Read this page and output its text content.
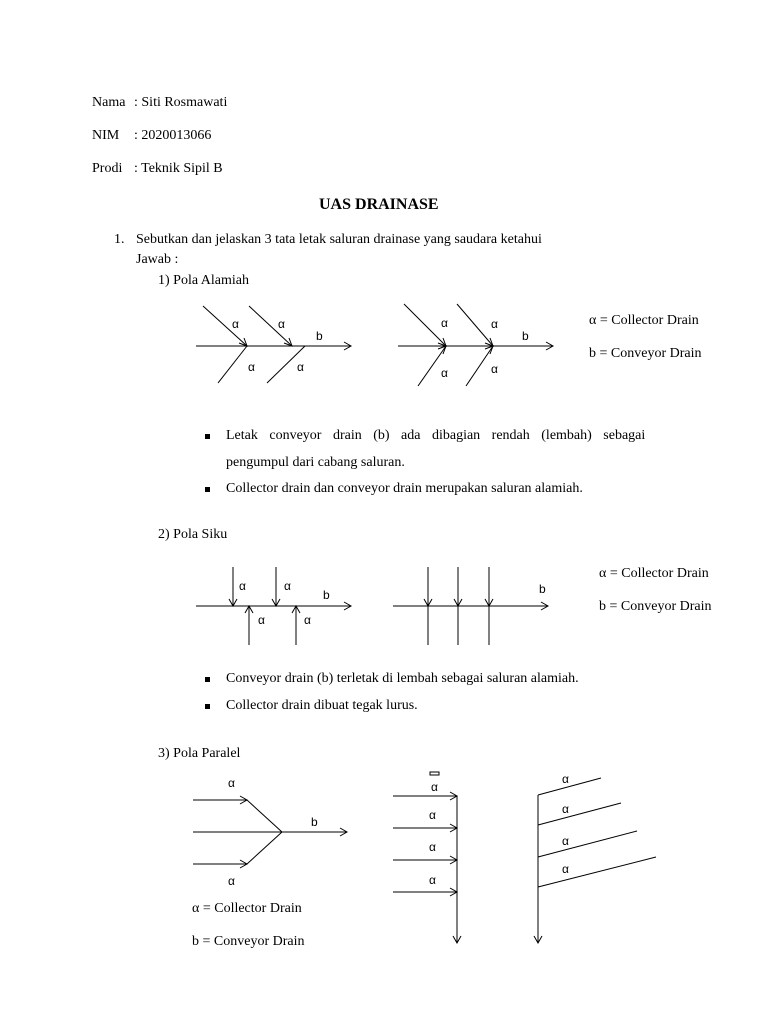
Nama : Siti Rosmawati
NIM : 2020013066
Prodi : Teknik Sipil B
UAS DRAINASE
1. Sebutkan dan jelaskan 3 tata letak saluran drainase yang saudara ketahui
Jawab :
1) Pola Alamiah
α	α
b
α	α
α	α
b
α	α
α = Collector Drain
b = Conveyor Drain
Letak conveyor drain (b) ada dibagian rendah (lembah) sebagai
pengumpul dari cabang saluran.
Collector drain dan conveyor drain merupakan saluran alamiah.
2) Pola Siku
α	α
b
α	α
b
α = Collector Drain
b = Conveyor Drain
Conveyor drain (b) terletak di lembah sebagai saluran alamiah.
Collector drain dibuat tegak lurus.
3) Pola Paralel
α
b
α
α
α
α
α
α
α
α
α
α = Collector Drain
b = Conveyor Drain
